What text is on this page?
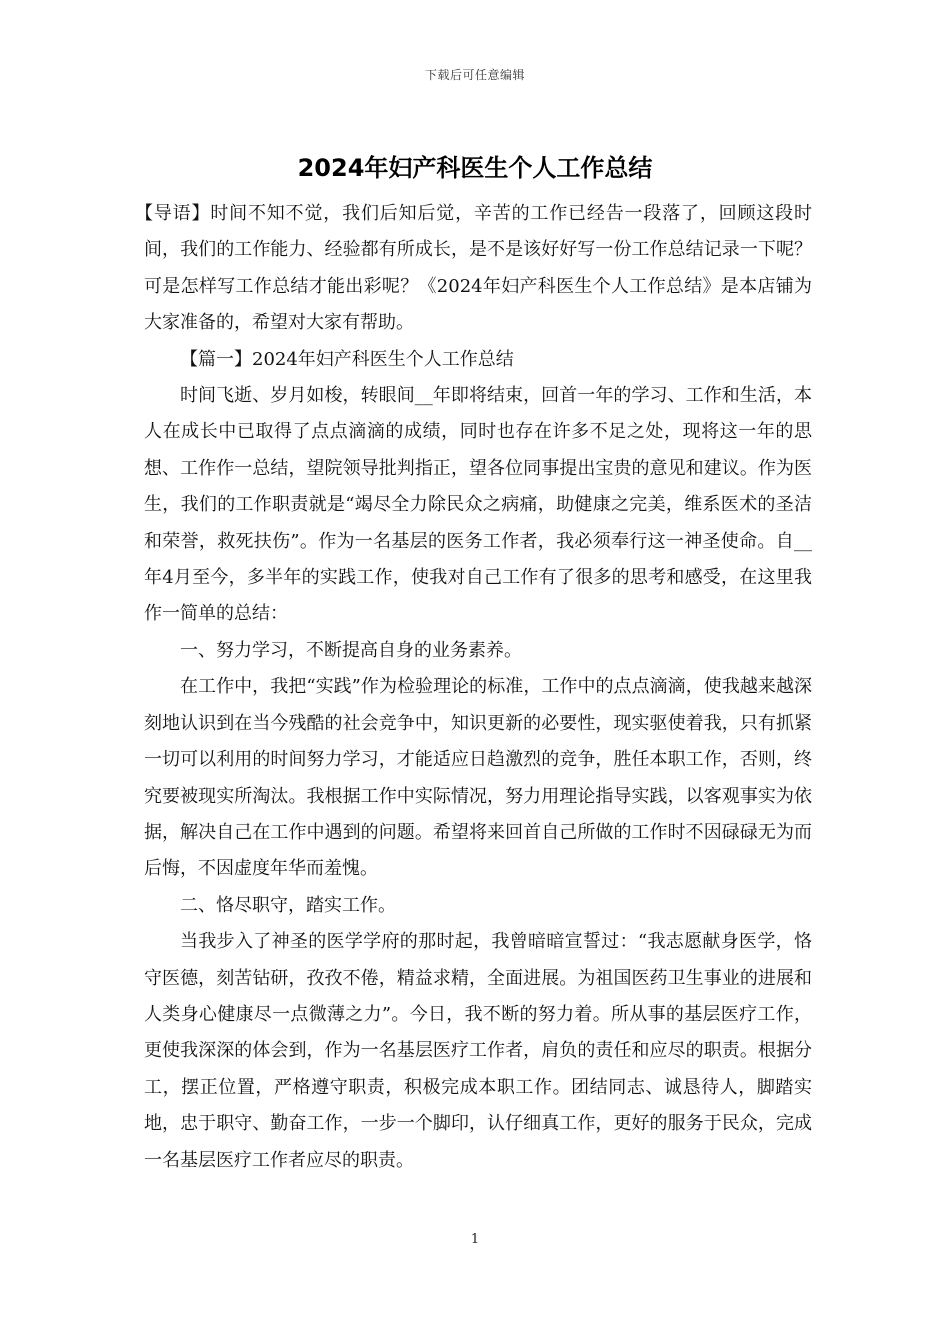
下载后可任意编辑
2024年妇产科医生个人工作总结

【导语】时间不知不觉，我们后知后觉，辛苦的工作已经告一段落了，回顾这段时间，我们的工作能力、经验都有所成长，是不是该好好写一份工作总结记录一下呢？可是怎样写工作总结才能出彩呢？《2024年妇产科医生个人工作总结》是本店铺为大家准备的，希望对大家有帮助。

【篇一】2024年妇产科医生个人工作总结

时间飞逝、岁月如梭，转眼间__年即将结束，回首一年的学习、工作和生活，本人在成长中已取得了点点滴滴的成绩，同时也存在许多不足之处，现将这一年的思想、工作作一总结，望院领导批判指正，望各位同事提出宝贵的意见和建议。作为医生，我们的工作职责就是“竭尽全力除民众之病痛，助健康之完美，维系医术的圣洁和荣誉，救死扶伤”。作为一名基层的医务工作者，我必须奉行这一神圣使命。自__年4月至今，多半年的实践工作，使我对自己工作有了很多的思考和感受，在这里我作一简单的总结：

一、努力学习，不断提高自身的业务素养。

在工作中，我把“实践”作为检验理论的标准，工作中的点点滴滴，使我越来越深刻地认识到在当今残酷的社会竞争中，知识更新的必要性，现实驱使着我，只有抓紧一切可以利用的时间努力学习，才能适应日趋激烈的竞争，胜任本职工作，否则，终究要被现实所淘汰。我根据工作中实际情况，努力用理论指导实践，以客观事实为依据，解决自己在工作中遇到的问题。希望将来回首自己所做的工作时不因碌碌无为而后悔，不因虚度年华而羞愧。

二、恪尽职守，踏实工作。

当我步入了神圣的医学学府的那时起，我曾暗暗宣誓过：“我志愿献身医学，恪守医德，刻苦钻研，孜孜不倦，精益求精，全面进展。为祖国医药卫生事业的进展和人类身心健康尽一点微薄之力”。今日，我不断的努力着。所从事的基层医疗工作，更使我深深的体会到，作为一名基层医疗工作者，肩负的责任和应尽的职责。根据分工，摆正位置，严格遵守职责，积极完成本职工作。团结同志、诚恳待人，脚踏实地，忠于职守、勤奋工作，一步一个脚印，认仔细真工作，更好的服务于民众，完成一名基层医疗工作者应尽的职责。

1
